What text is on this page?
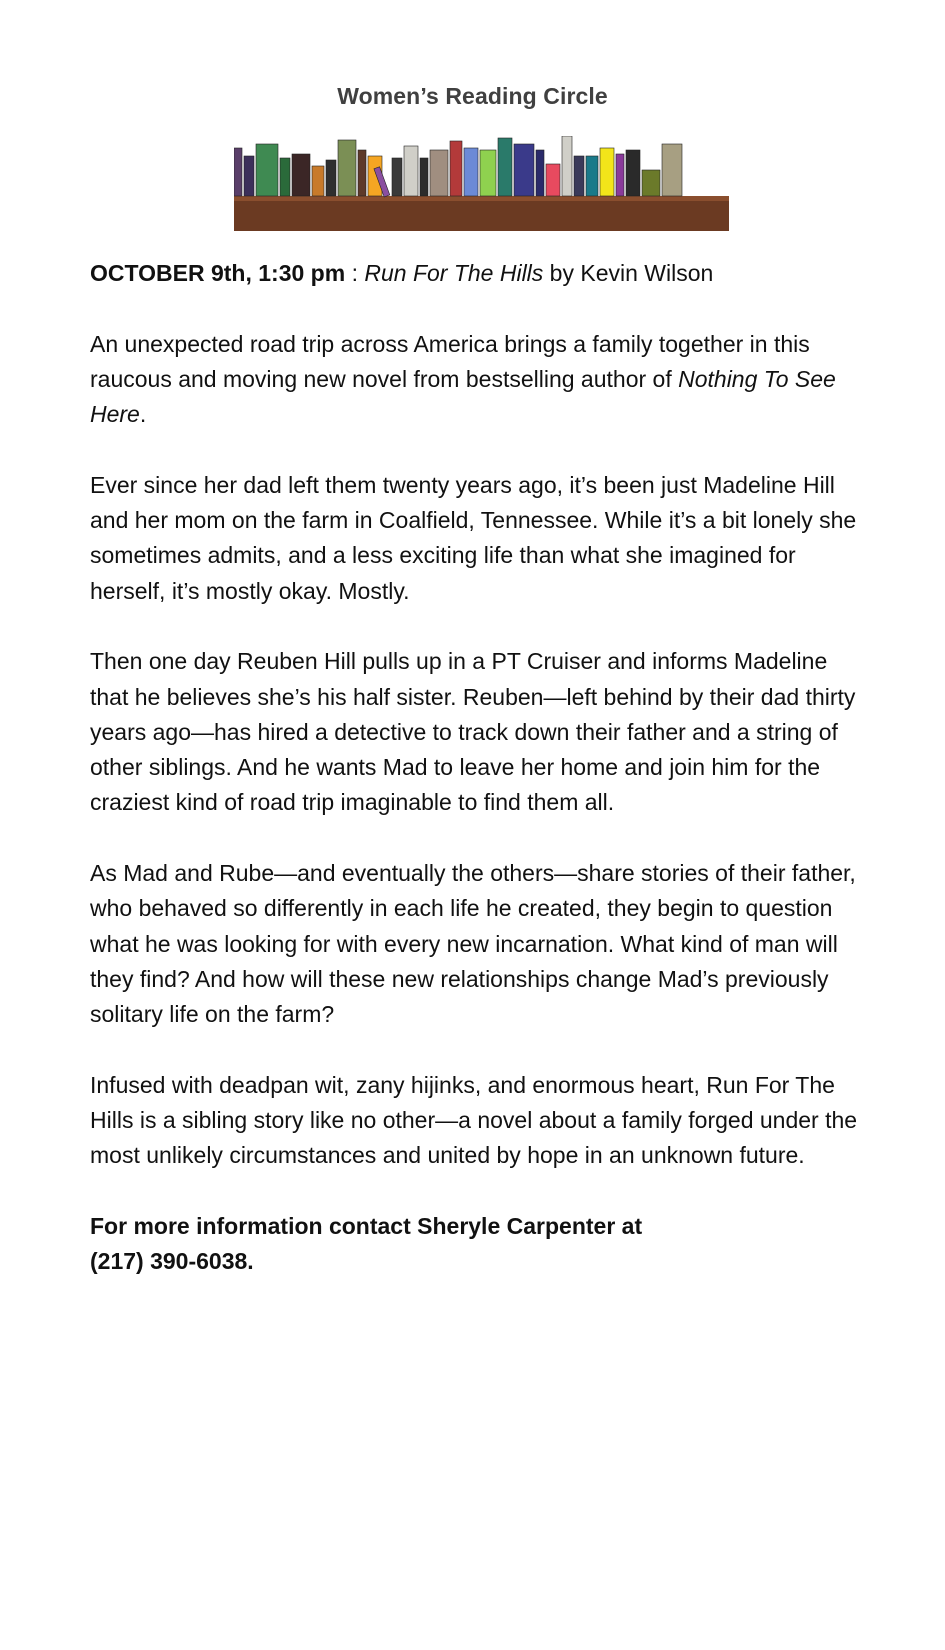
Women’s Reading Circle

OCTOBER 9th, 1:30 pm : Run For The Hills by Kevin Wilson

An unexpected road trip across America brings a family together in this raucous and moving new novel from bestselling author of Nothing To See Here.

Ever since her dad left them twenty years ago, it’s been just Madeline Hill and her mom on the farm in Coalfield, Tennessee. While it’s a bit lonely she sometimes admits, and a less exciting life than what she imagined for herself, it’s mostly okay. Mostly.

Then one day Reuben Hill pulls up in a PT Cruiser and informs Madeline that he believes she’s his half sister. Reuben—left behind by their dad thirty years ago—has hired a detective to track down their father and a string of other siblings. And he wants Mad to leave her home and join him for the craziest kind of road trip imaginable to find them all.

As Mad and Rube—and eventually the others—share stories of their father, who behaved so differently in each life he created, they begin to question what he was looking for with every new incarnation. What kind of man will they find? And how will these new relationships change Mad’s previously solitary life on the farm?

Infused with deadpan wit, zany hijinks, and enormous heart, Run For The Hills is a sibling story like no other—a novel about a family forged under the most unlikely circumstances and united by hope in an unknown future.

For more information contact Sheryle Carpenter at
(217) 390-6038.
